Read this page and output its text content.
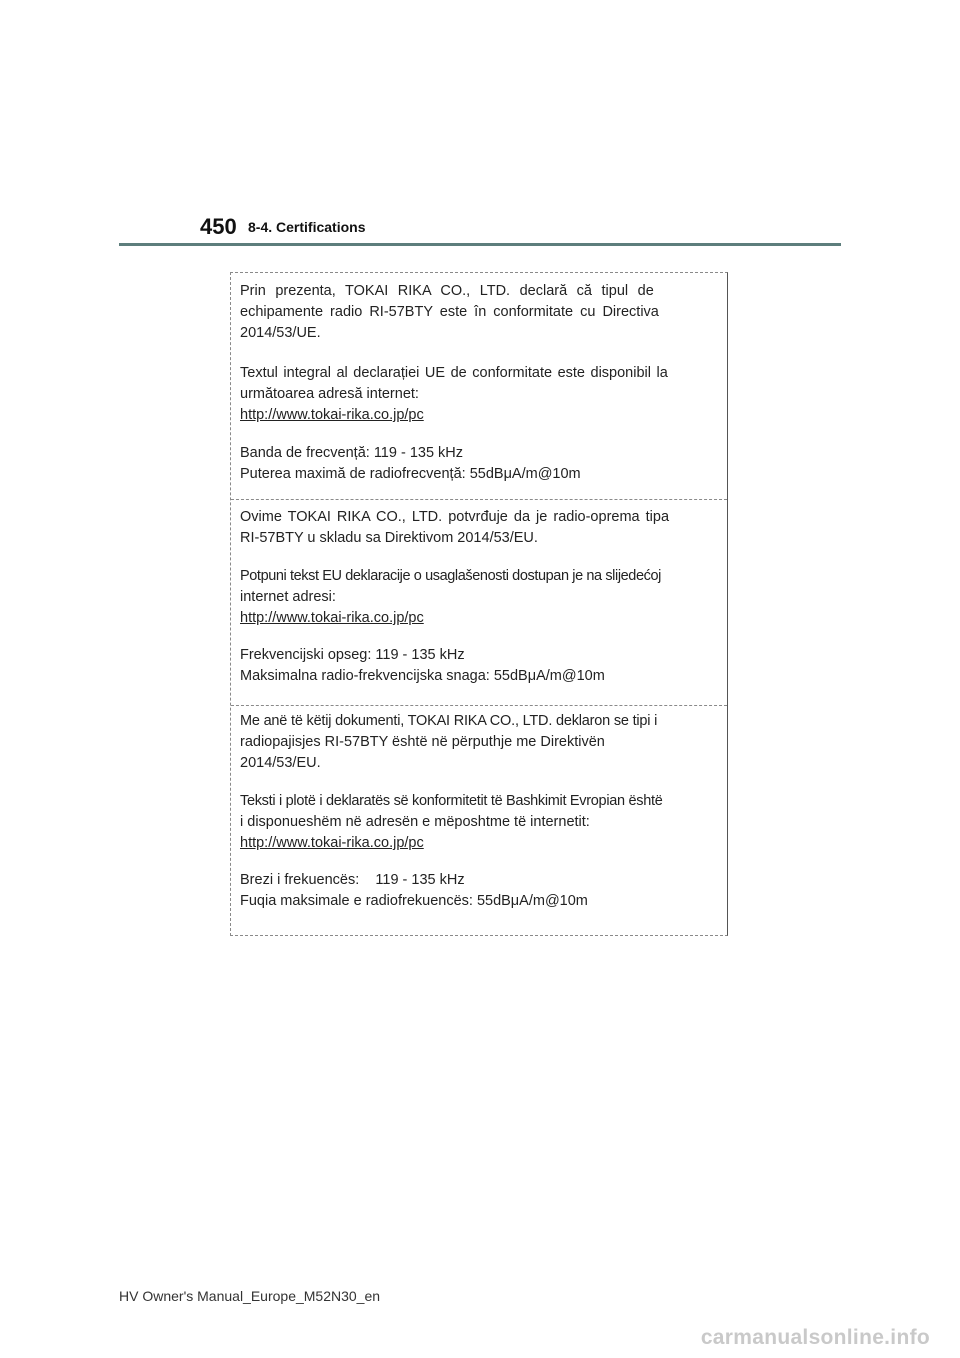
450 8-4. Certifications

Prin prezenta, TOKAI RIKA CO., LTD. declară că tipul de
echipamente radio RI-57BTY este în conformitate cu Directiva
2014/53/UE.

Textul integral al declarației UE de conformitate este disponibil la
următoarea adresă internet:
http://www.tokai-rika.co.jp/pc

Banda de frecvență: 119 - 135 kHz
Puterea maximă de radiofrecvență: 55dBμA/m@10m

Ovime TOKAI RIKA CO., LTD. potvrđuje da je radio-oprema tipa
RI-57BTY u skladu sa Direktivom 2014/53/EU.

Potpuni tekst EU deklaracije o usaglašenosti dostupan je na slijedećoj
internet adresi:
http://www.tokai-rika.co.jp/pc

Frekvencijski opseg: 119 - 135 kHz
Maksimalna radio-frekvencijska snaga: 55dBμA/m@10m

Me anë të këtij dokumenti, TOKAI RIKA CO., LTD. deklaron se tipi i
radiopajisjes RI-57BTY është në përputhje me Direktivën
2014/53/EU.

Teksti i plotë i deklaratës së konformitetit të Bashkimit Evropian është
i disponueshëm në adresën e mëposhtme të internetit:
http://www.tokai-rika.co.jp/pc

Brezi i frekuencës:    119 - 135 kHz
Fuqia maksimale e radiofrekuencës: 55dBμA/m@10m

HV Owner's Manual_Europe_M52N30_en
carmanualsonline.info
